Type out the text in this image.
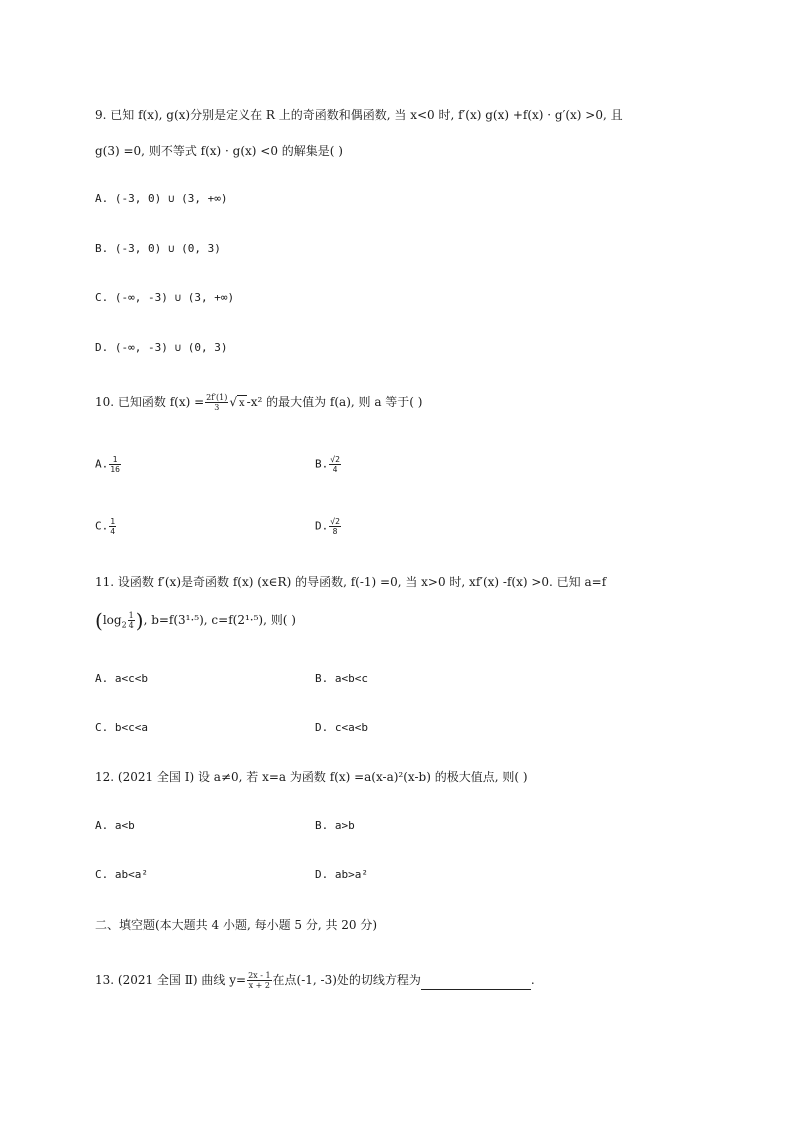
9. 已知 f(x), g(x)分别是定义在 R 上的奇函数和偶函数, 当 x<0 时, f′(x) g(x) +f(x) · g′(x) >0, 且
g(3) =0, 则不等式 f(x) · g(x) <0 的解集是( )
A. (-3, 0) ∪ (3, +∞)
B. (-3, 0) ∪ (0, 3)
C. (-∞, -3) ∪ (3, +∞)
D. (-∞, -3) ∪ (0, 3)
10. 已知函数 $f(x) = \frac{2f'(1)}{3}$ √ x -x² 的最大值为 f(a), 则 a 等于( )
A. $\frac{1}{16}$	B. $\frac{√2}{4}$
C. $\frac{1}{4}$	D. $\frac{√2}{8}$
11. 设函数 f′(x)是奇函数 f(x) (x∈R) 的导函数, f(-1) =0, 当 x>0 时, xf′(x) -f(x) >0. 已知 a=f
($\log_2 \frac{1}{4}$ ), b=f(3¹·⁵), c=f(2¹·⁵), 则( )
A. a<c<b	B. a<b<c
C. b<c<a	D. c<a<b
12. (2021 全国 Ⅰ) 设 a≠0, 若 x=a 为函数 f(x) =a(x-a)²(x-b) 的极大值点, 则( )
A. a<b	B. a>b
C. ab<a²	D. ab>a²
二、填空题(本大题共 4 小题, 每小题 5 分, 共 20 分)
13. (2021 全国 Ⅱ) 曲线 $y= \frac{2x - 1}{x + 2}$ 在点(-1, -3)处的切线方程为	.
